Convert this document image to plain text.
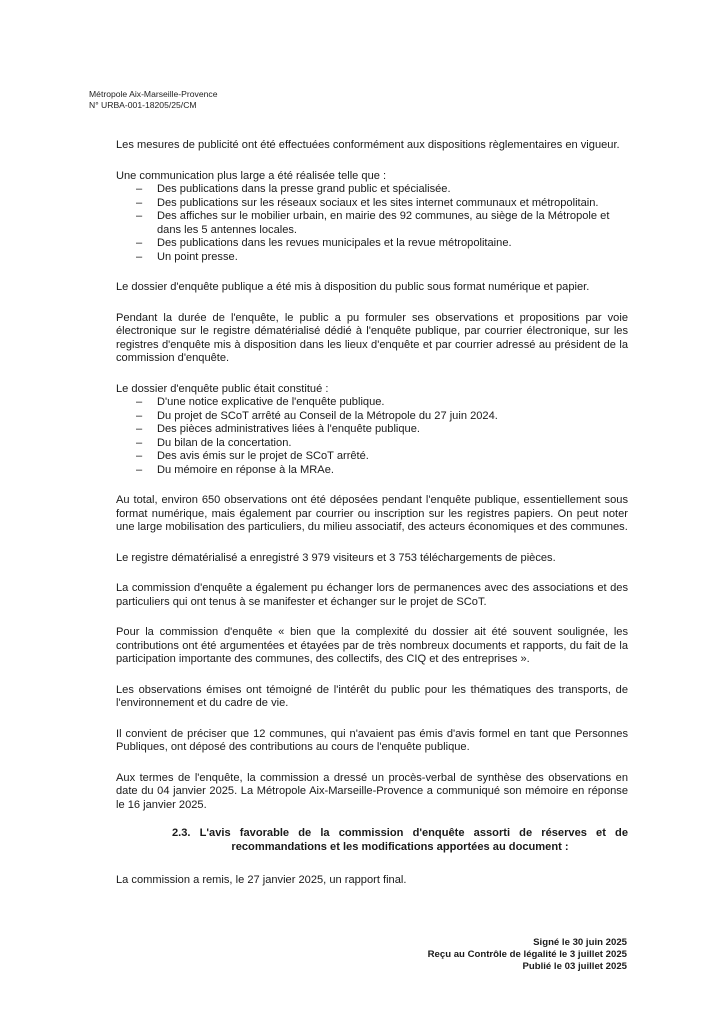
Métropole Aix-Marseille-Provence
N° URBA-001-18205/25/CM

Les mesures de publicité ont été effectuées conformément aux dispositions règlementaires en vigueur.

Une communication plus large a été réalisée telle que :

– Des publications dans la presse grand public et spécialisée.
– Des publications sur les réseaux sociaux et les sites internet communaux et métropolitain.
– Des affiches sur le mobilier urbain, en mairie des 92 communes, au siège de la Métropole et dans les 5 antennes locales.
– Des publications dans les revues municipales et la revue métropolitaine.
– Un point presse.

Le dossier d'enquête publique a été mis à disposition du public sous format numérique et papier.

Pendant la durée de l'enquête, le public a pu formuler ses observations et propositions par voie électronique sur le registre dématérialisé dédié à l'enquête publique, par courrier électronique, sur les registres d'enquête mis à disposition dans les lieux d'enquête et par courrier adressé au président de la commission d'enquête.

Le dossier d'enquête public était constitué :

– D'une notice explicative de l'enquête publique.
– Du projet de SCoT arrêté au Conseil de la Métropole du 27 juin 2024.
– Des pièces administratives liées à l'enquête publique.
– Du bilan de la concertation.
– Des avis émis sur le projet de SCoT arrêté.
– Du mémoire en réponse à la MRAe.

Au total, environ 650 observations ont été déposées pendant l'enquête publique, essentiellement sous format numérique, mais également par courrier ou inscription sur les registres papiers. On peut noter une large mobilisation des particuliers, du milieu associatif, des acteurs économiques et des communes.

Le registre dématérialisé a enregistré 3 979 visiteurs et 3 753 téléchargements de pièces.

La commission d'enquête a également pu échanger lors de permanences avec des associations et des particuliers qui ont tenus à se manifester et échanger sur le projet de SCoT.

Pour la commission d'enquête « bien que la complexité du dossier ait été souvent soulignée, les contributions ont été argumentées et étayées par de très nombreux documents et rapports, du fait de la participation importante des communes, des collectifs, des CIQ et des entreprises ».

Les observations émises ont témoigné de l'intérêt du public pour les thématiques des transports, de l'environnement et du cadre de vie.

Il convient de préciser que 12 communes, qui n'avaient pas émis d'avis formel en tant que Personnes Publiques, ont déposé des contributions au cours de l'enquête publique.

Aux termes de l'enquête, la commission a dressé un procès-verbal de synthèse des observations en date du 04 janvier 2025. La Métropole Aix-Marseille-Provence a communiqué son mémoire en réponse le 16 janvier 2025.

2.3. L'avis favorable de la commission d'enquête assorti de réserves et de
recommandations et les modifications apportées au document :

La commission a remis, le 27 janvier 2025, un rapport final.

Signé le 30 juin 2025
Reçu au Contrôle de légalité le 3 juillet 2025
Publié le 03 juillet 2025
